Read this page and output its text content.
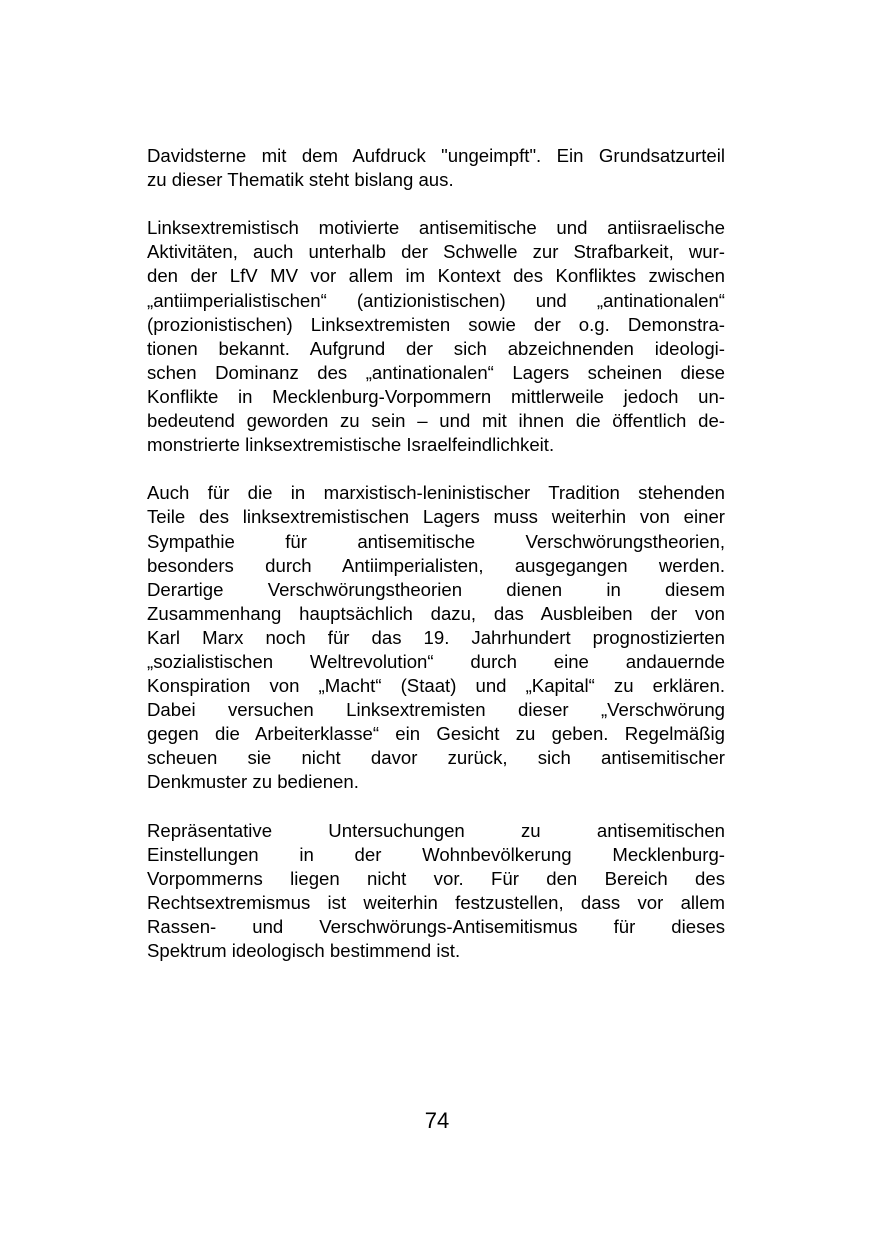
Davidsterne mit dem Aufdruck "ungeimpft". Ein Grundsatzurteil
zu dieser Thematik steht bislang aus.

Linksextremistisch motivierte antisemitische und antiisraelische
Aktivitäten, auch unterhalb der Schwelle zur Strafbarkeit, wur-
den der LfV MV vor allem im Kontext des Konfliktes zwischen
„antiimperialistischen“ (antizionistischen) und „antinationalen“
(prozionistischen) Linksextremisten sowie der o.g. Demonstra-
tionen bekannt. Aufgrund der sich abzeichnenden ideologi-
schen Dominanz des „antinationalen“ Lagers scheinen diese
Konflikte in Mecklenburg-Vorpommern mittlerweile jedoch un-
bedeutend geworden zu sein – und mit ihnen die öffentlich de-
monstrierte linksextremistische Israelfeindlichkeit.

Auch für die in marxistisch-leninistischer Tradition stehenden
Teile des linksextremistischen Lagers muss weiterhin von einer
Sympathie für antisemitische Verschwörungstheorien,
besonders durch Antiimperialisten, ausgegangen werden.
Derartige Verschwörungstheorien dienen in diesem
Zusammenhang hauptsächlich dazu, das Ausbleiben der von
Karl Marx noch für das 19. Jahrhundert prognostizierten
„sozialistischen Weltrevolution“ durch eine andauernde
Konspiration von „Macht“ (Staat) und „Kapital“ zu erklären.
Dabei versuchen Linksextremisten dieser „Verschwörung
gegen die Arbeiterklasse“ ein Gesicht zu geben. Regelmäßig
scheuen sie nicht davor zurück, sich antisemitischer
Denkmuster zu bedienen.

Repräsentative Untersuchungen zu antisemitischen
Einstellungen in der Wohnbevölkerung Mecklenburg-
Vorpommerns liegen nicht vor. Für den Bereich des
Rechtsextremismus ist weiterhin festzustellen, dass vor allem
Rassen- und Verschwörungs-Antisemitismus für dieses
Spektrum ideologisch bestimmend ist.

74
